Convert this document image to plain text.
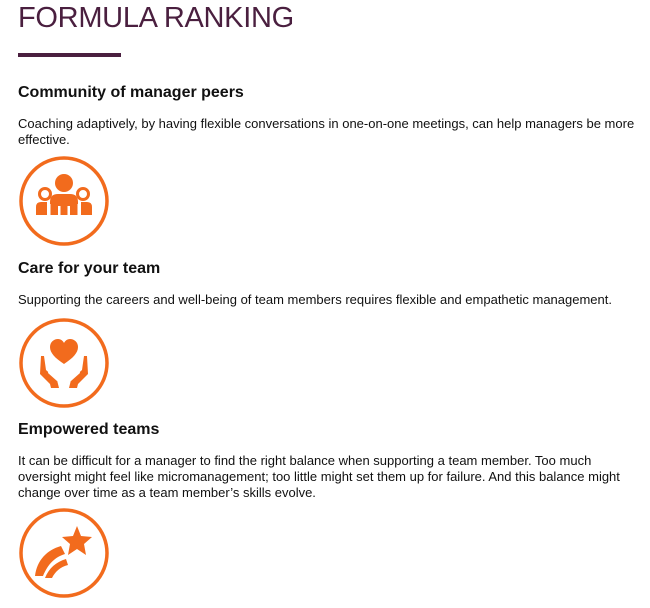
FORMULA RANKING
Community of manager peers

Coaching adaptively, by having flexible conversations in one-on-one meetings, can help managers be more effective.

Care for your team

Supporting the careers and well-being of team members requires flexible and empathetic management.

Empowered teams

It can be difficult for a manager to find the right balance when supporting a team member. Too much oversight might feel like micromanagement; too little might set them up for failure. And this balance might change over time as a team member’s skills evolve.
